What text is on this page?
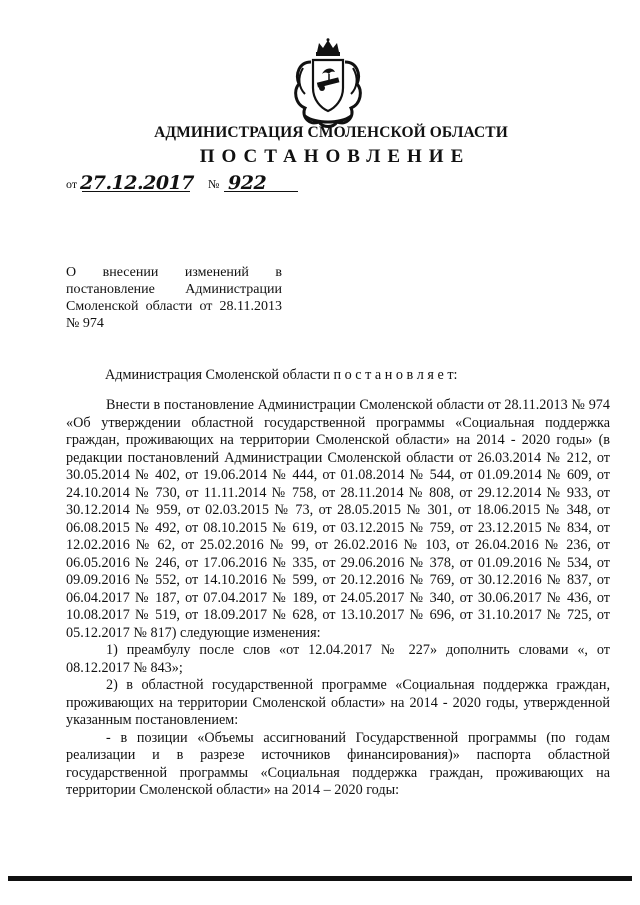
АДМИНИСТРАЦИЯ СМОЛЕНСКОЙ ОБЛАСТИ
ПОСТАНОВЛЕНИЕ
от 27.12.2017 № 922
О внесении изменений в
постановление Администрации
Смоленской области от 28.11.2013
№ 974
Администрация Смоленской области п о с т а н о в л я е т:

Внести в постановление Администрации Смоленской области от 28.11.2013 № 974 «Об утверждении областной государственной программы «Социальная поддержка граждан, проживающих на территории Смоленской области» на 2014 - 2020 годы» (в редакции постановлений Администрации Смоленской области от 26.03.2014 № 212, от 30.05.2014 № 402, от 19.06.2014 № 444, от 01.08.2014 № 544, от 01.09.2014 № 609, от 24.10.2014 № 730, от 11.11.2014 № 758, от 28.11.2014 № 808, от 29.12.2014 № 933, от 30.12.2014 № 959, от 02.03.2015 № 73, от 28.05.2015 № 301, от 18.06.2015 № 348, от 06.08.2015 № 492, от 08.10.2015 № 619, от 03.12.2015 № 759, от 23.12.2015 № 834, от 12.02.2016 № 62, от 25.02.2016 № 99, от 26.02.2016 № 103, от 26.04.2016 № 236, от 06.05.2016 № 246, от 17.06.2016 № 335, от 29.06.2016 № 378, от 01.09.2016 № 534, от 09.09.2016 № 552, от 14.10.2016 № 599, от 20.12.2016 № 769, от 30.12.2016 № 837, от 06.04.2017 № 187, от 07.04.2017 № 189, от 24.05.2017 № 340, от 30.06.2017 № 436, от 10.08.2017 № 519, от 18.09.2017 № 628, от 13.10.2017 № 696, от 31.10.2017 № 725, от 05.12.2017 № 817) следующие изменения:

1) преамбулу после слов «от 12.04.2017 № 227» дополнить словами «, от 08.12.2017 № 843»;

2) в областной государственной программе «Социальная поддержка граждан, проживающих на территории Смоленской области» на 2014 - 2020 годы, утвержденной указанным постановлением:

- в позиции «Объемы ассигнований Государственной программы (по годам реализации и в разрезе источников финансирования)» паспорта областной государственной программы «Социальная поддержка граждан, проживающих на территории Смоленской области» на 2014 – 2020 годы:
